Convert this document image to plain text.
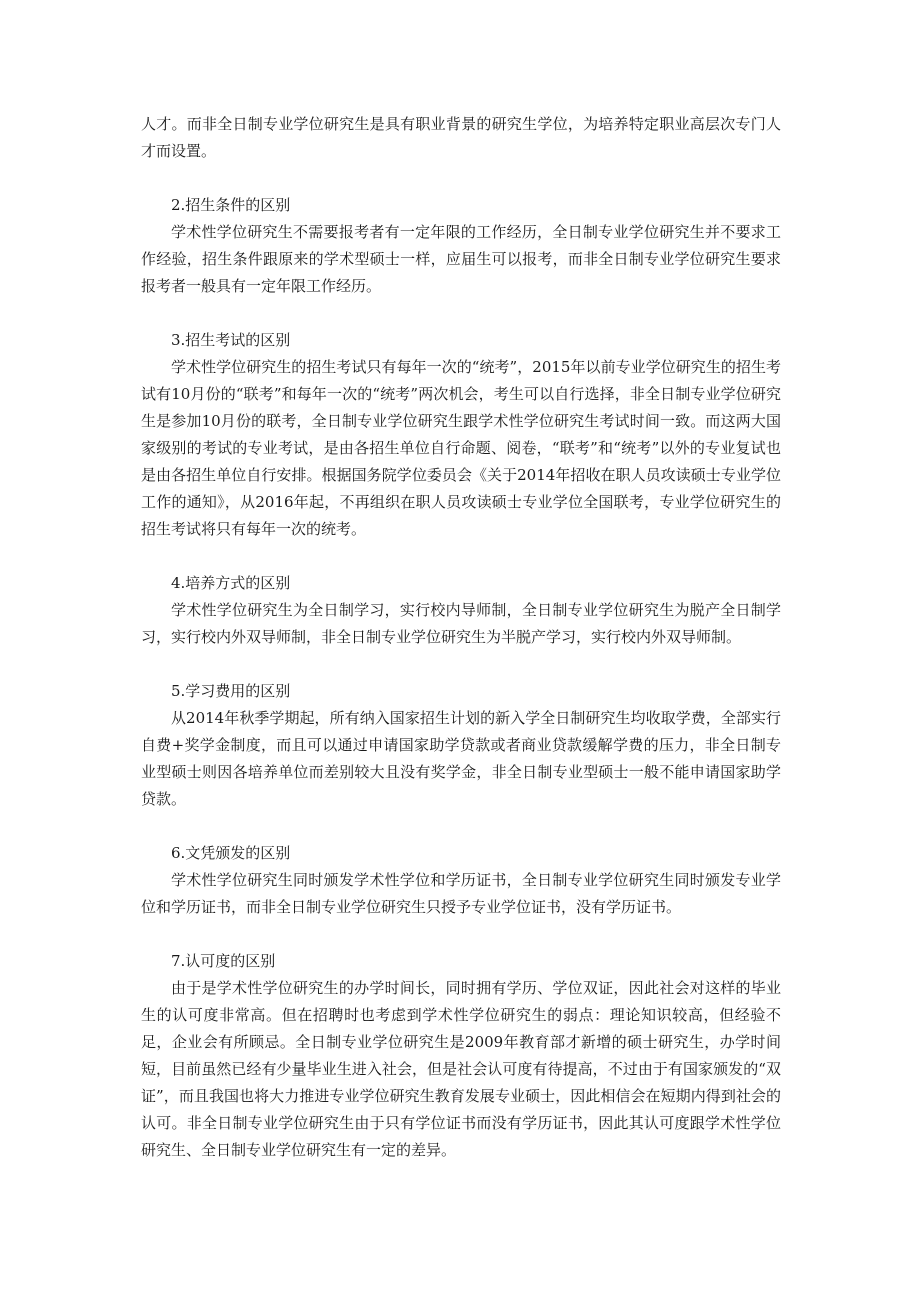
人才。而非全日制专业学位研究生是具有职业背景的研究生学位，为培养特定职业高层次专门人才而设置。

2.招生条件的区别

学术性学位研究生不需要报考者有一定年限的工作经历，全日制专业学位研究生并不要求工作经验，招生条件跟原来的学术型硕士一样，应届生可以报考，而非全日制专业学位研究生要求报考者一般具有一定年限工作经历。

3.招生考试的区别

学术性学位研究生的招生考试只有每年一次的“统考”，2015年以前专业学位研究生的招生考试有10月份的“联考”和每年一次的“统考”两次机会，考生可以自行选择，非全日制专业学位研究生是参加10月份的联考，全日制专业学位研究生跟学术性学位研究生考试时间一致。而这两大国家级别的考试的专业考试，是由各招生单位自行命题、阅卷，“联考”和“统考”以外的专业复试也是由各招生单位自行安排。根据国务院学位委员会《关于2014年招收在职人员攻读硕士专业学位工作的通知》，从2016年起，不再组织在职人员攻读硕士专业学位全国联考，专业学位研究生的招生考试将只有每年一次的统考。

4.培养方式的区别

学术性学位研究生为全日制学习，实行校内导师制，全日制专业学位研究生为脱产全日制学习，实行校内外双导师制，非全日制专业学位研究生为半脱产学习，实行校内外双导师制。

5.学习费用的区别

从2014年秋季学期起，所有纳入国家招生计划的新入学全日制研究生均收取学费，全部实行自费+奖学金制度，而且可以通过申请国家助学贷款或者商业贷款缓解学费的压力，非全日制专业型硕士则因各培养单位而差别较大且没有奖学金，非全日制专业型硕士一般不能申请国家助学贷款。

6.文凭颁发的区别

学术性学位研究生同时颁发学术性学位和学历证书，全日制专业学位研究生同时颁发专业学位和学历证书，而非全日制专业学位研究生只授予专业学位证书，没有学历证书。

7.认可度的区别

由于是学术性学位研究生的办学时间长，同时拥有学历、学位双证，因此社会对这样的毕业生的认可度非常高。但在招聘时也考虑到学术性学位研究生的弱点：理论知识较高，但经验不足，企业会有所顾忌。全日制专业学位研究生是2009年教育部才新增的硕士研究生，办学时间短，目前虽然已经有少量毕业生进入社会，但是社会认可度有待提高，不过由于有国家颁发的“双证”，而且我国也将大力推进专业学位研究生教育发展专业硕士，因此相信会在短期内得到社会的认可。非全日制专业学位研究生由于只有学位证书而没有学历证书，因此其认可度跟学术性学位研究生、全日制专业学位研究生有一定的差异。
